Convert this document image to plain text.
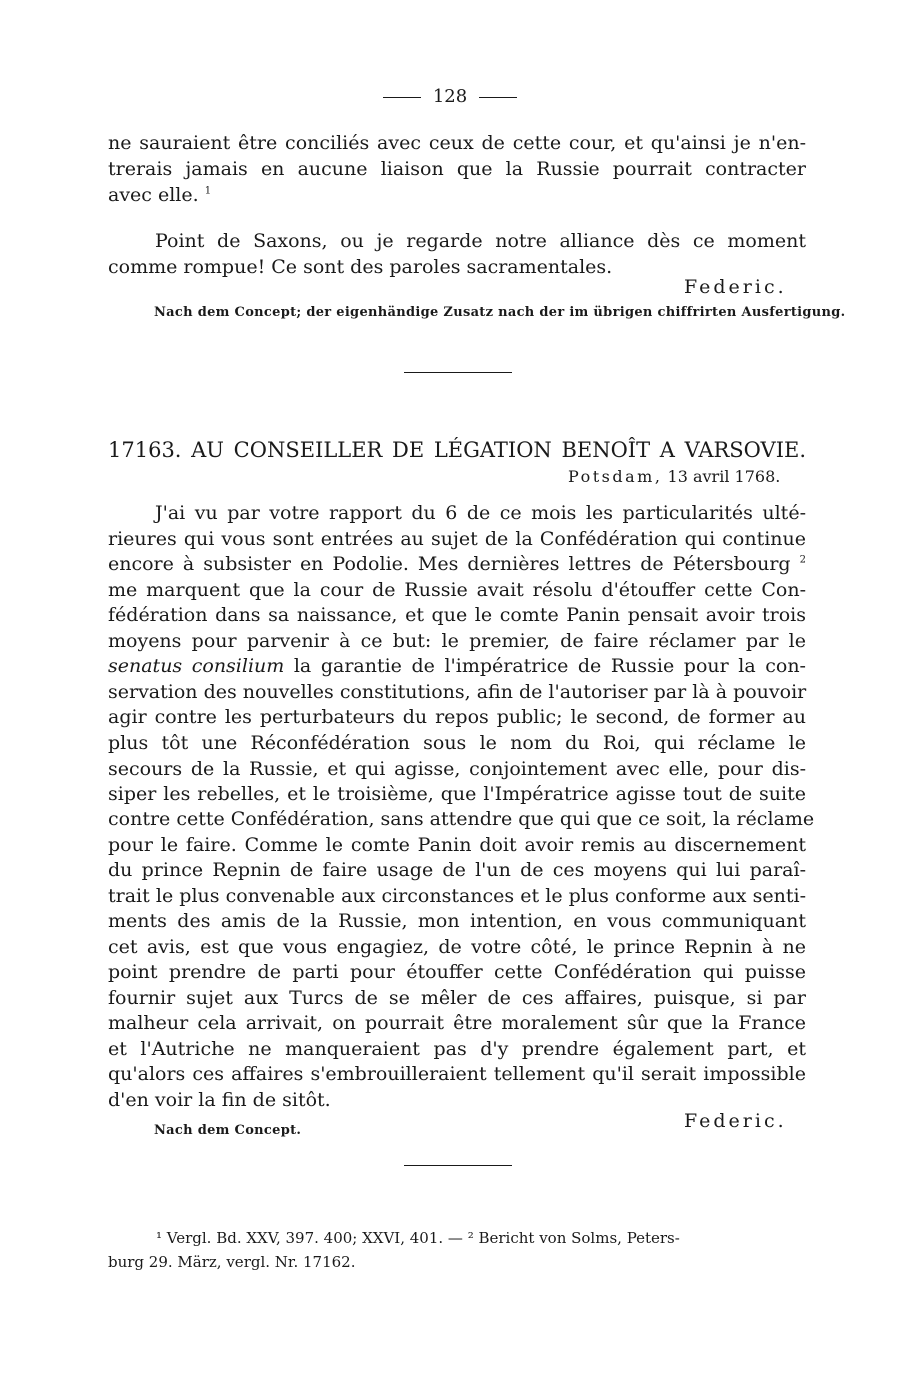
128
ne sauraient être conciliés avec ceux de cette cour, et qu'ainsi je n'en-
trerais jamais en aucune liaison que la Russie pourrait contracter
avec elle. $^1$
Point de Saxons, ou je regarde notre alliance dès ce moment
comme rompue! Ce sont des paroles sacramentales.
Federic.
Nach dem Concept; der eigenhändige Zusatz nach der im übrigen chiffrirten Ausfertigung.
17163. AU CONSEILLER DE LÉGATION BENOÎT A VARSOVIE.
Potsdam, 13 avril 1768.
J'ai vu par votre rapport du 6 de ce mois les particularités ulté-
rieures qui vous sont entrées au sujet de la Confédération qui continue
encore à subsister en Podolie. Mes dernières lettres de Pétersbourg $^2$
me marquent que la cour de Russie avait résolu d'étouffer cette Con-
fédération dans sa naissance, et que le comte Panin pensait avoir trois
moyens pour parvenir à ce but: le premier, de faire réclamer par le
senatus consilium la garantie de l'impératrice de Russie pour la con-
servation des nouvelles constitutions, afin de l'autoriser par là à pouvoir
agir contre les perturbateurs du repos public; le second, de former au
plus tôt une Réconfédération sous le nom du Roi, qui réclame le
secours de la Russie, et qui agisse, conjointement avec elle, pour dis-
siper les rebelles, et le troisième, que l'Impératrice agisse tout de suite
contre cette Confédération, sans attendre que qui que ce soit, la réclame
pour le faire. Comme le comte Panin doit avoir remis au discernement
du prince Repnin de faire usage de l'un de ces moyens qui lui paraî-
trait le plus convenable aux circonstances et le plus conforme aux senti-
ments des amis de la Russie, mon intention, en vous communiquant
cet avis, est que vous engagiez, de votre côté, le prince Repnin à ne
point prendre de parti pour étouffer cette Confédération qui puisse
fournir sujet aux Turcs de se mêler de ces affaires, puisque, si par
malheur cela arrivait, on pourrait être moralement sûr que la France
et l'Autriche ne manqueraient pas d'y prendre également part, et
qu'alors ces affaires s'embrouilleraient tellement qu'il serait impossible
d'en voir la fin de sitôt.
Federic.
Nach dem Concept.
¹ Vergl. Bd. XXV, 397. 400; XXVI, 401. — ² Bericht von Solms, Peters-
burg 29. März, vergl. Nr. 17162.
